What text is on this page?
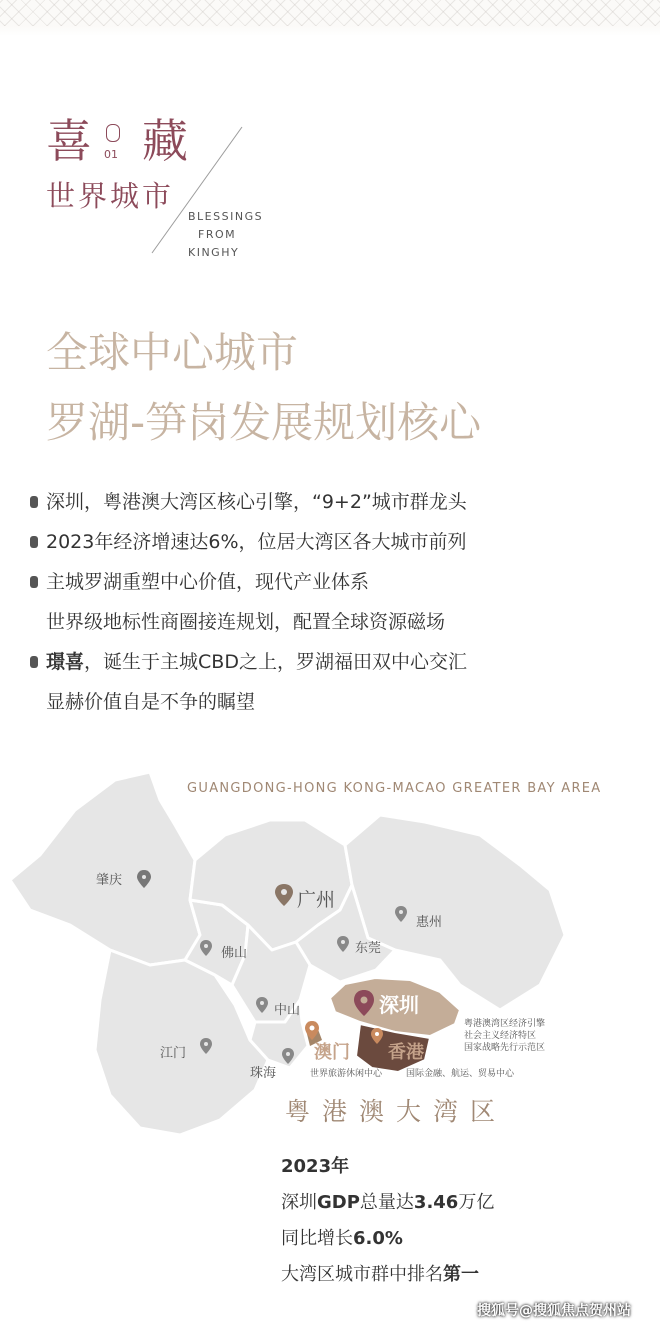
喜 01 藏
世界城市
BLESSINGS
FROM
KINGHY
全球中心城市
罗湖-笋岗发展规划核心
深圳，粤港澳大湾区核心引擎，“9+2”城市群龙头
2023年经济增速达6%，位居大湾区各大城市前列
主城罗湖重塑中心价值，现代产业体系
世界级地标性商圈接连规划，配置全球资源磁场
璟喜，诞生于主城CBD之上，罗湖福田双中心交汇
显赫价值自是不争的瞩望
GUANGDONG-HONG KONG-MACAO GREATER BAY AREA
肇庆
广州
惠州
佛山	东莞
中山
江门
珠海
深圳
澳门 香港
粤港澳湾区经济引擎
社会主义经济特区
国家战略先行示范区
世界旅游休闲中心	国际金融、航运、贸易中心
粤港澳大湾区
2023年
深圳GDP总量达3.46万亿
同比增长6.0%
大湾区城市群中排名第一
搜狐号@搜狐焦点贺州站
